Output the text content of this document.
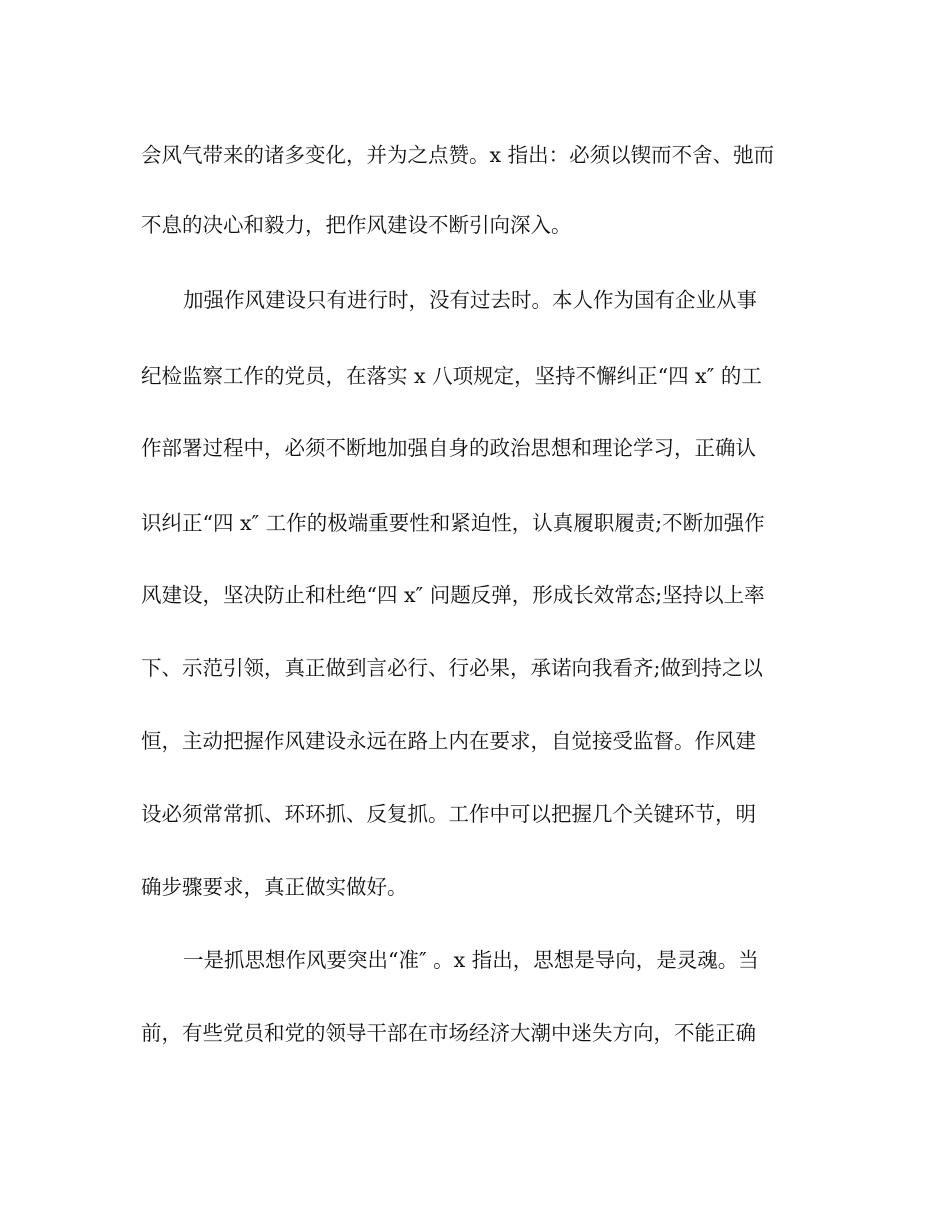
会风气带来的诸多变化，并为之点赞。x 指出：必须以锲而不舍、弛而
不息的决心和毅力，把作风建设不断引向深入。
加强作风建设只有进行时，没有过去时。本人作为国有企业从事
纪检监察工作的党员，在落实 x 八项规定，坚持不懈纠正“四 x″ 的工
作部署过程中，必须不断地加强自身的政治思想和理论学习，正确认
识纠正“四 x″ 工作的极端重要性和紧迫性，认真履职履责;不断加强作
风建设，坚决防止和杜绝“四 x″ 问题反弹，形成长效常态;坚持以上率
下、示范引领，真正做到言必行、行必果，承诺向我看齐;做到持之以
恒，主动把握作风建设永远在路上内在要求，自觉接受监督。作风建
设必须常常抓、环环抓、反复抓。工作中可以把握几个关键环节，明
确步骤要求，真正做实做好。
一是抓思想作风要突出“准″ 。x 指出，思想是导向，是灵魂。当
前，有些党员和党的领导干部在市场经济大潮中迷失方向，不能正确
